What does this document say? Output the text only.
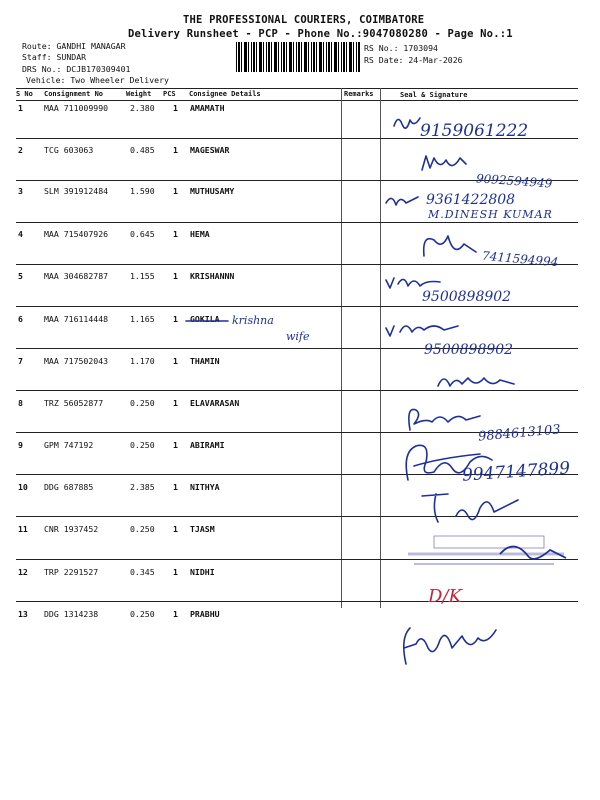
THE PROFESSIONAL COURIERS, COIMBATORE
Delivery Runsheet - PCP - Phone No.:9047080280 - Page No.:1
Route: GANDHI MANAGAR
Staff: SUNDAR
DRS No.: DCJB170309401
Vehicle: Two Wheeler Delivery
RS No.: 1703094
RS Date: 24-Mar-2026
S No Consignment No	Weight PCS Consignee Details	Remarks	Seal & Signature
1	MAA 711009990	2.380 1 AMAMATH
2	TCG 603063	0.485 1 MAGESWAR
3	SLM 391912484	1.590 1 MUTHUSAMY
4	MAA 715407926	0.645 1 HEMA
5	MAA 304682787	1.155 1 KRISHANNN
6	MAA 716114448	1.165 1 GOKILA
7	MAA 717502043	1.170 1 THAMIN
8	TRZ 56052877	0.250 1 ELAVARASAN
9	GPM 747192	0.250 1 ABIRAMI
10 DDG 687885	2.385 1 NITHYA
11 CNR 1937452	0.250 1 TJASM
12 TRP 2291527	0.345 1 NIDHI
13 DDG 1314238	0.250 1 PRABHU
9159061222
9092594949
9361422808
M.DINESH KUMAR
7411594994
9500898902
krishna
wife
9500898902
9884613103
9947147899
D/K
